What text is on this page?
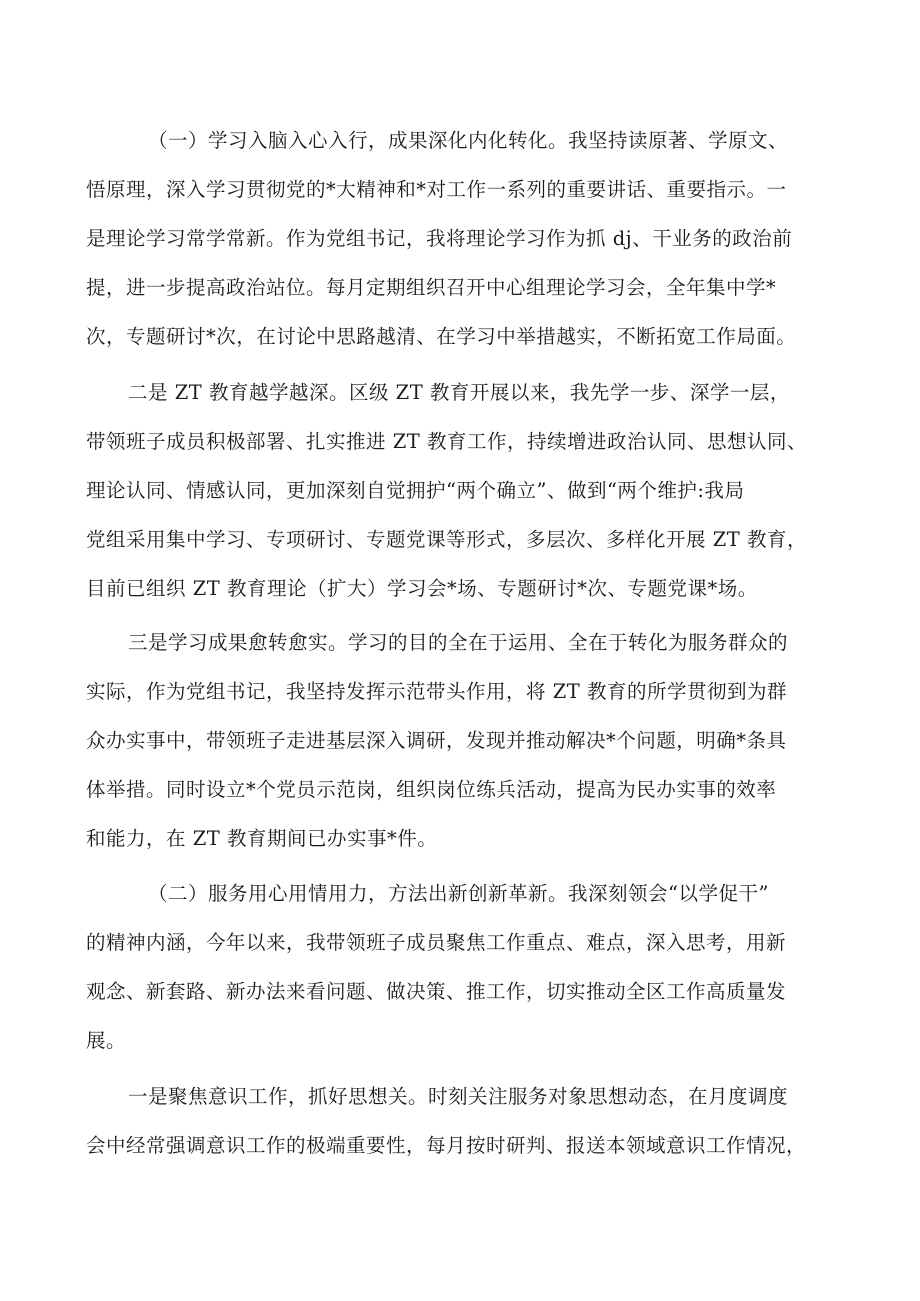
（一）学习入脑入心入行，成果深化内化转化。我坚持读原著、学原文、
悟原理，深入学习贯彻党的*大精神和*对工作一系列的重要讲话、重要指示。一
是理论学习常学常新。作为党组书记，我将理论学习作为抓 dj、干业务的政治前
提，进一步提高政治站位。每月定期组织召开中心组理论学习会，全年集中学*
次，专题研讨*次，在讨论中思路越清、在学习中举措越实，不断拓宽工作局面。
二是 ZT 教育越学越深。区级 ZT 教育开展以来，我先学一步、深学一层，
带领班子成员积极部署、扎实推进 ZT 教育工作，持续增进政治认同、思想认同、
理论认同、情感认同，更加深刻自觉拥护“两个确立”、做到“两个维护:我局
党组采用集中学习、专项研讨、专题党课等形式，多层次、多样化开展 ZT 教育，
目前已组织 ZT 教育理论（扩大）学习会*场、专题研讨*次、专题党课*场。
三是学习成果愈转愈实。学习的目的全在于运用、全在于转化为服务群众的
实际，作为党组书记，我坚持发挥示范带头作用，将 ZT 教育的所学贯彻到为群
众办实事中，带领班子走进基层深入调研，发现并推动解决*个问题，明确*条具
体举措。同时设立*个党员示范岗，组织岗位练兵活动，提高为民办实事的效率
和能力，在 ZT 教育期间已办实事*件。
（二）服务用心用情用力，方法出新创新革新。我深刻领会“以学促干”
的精神内涵，今年以来，我带领班子成员聚焦工作重点、难点，深入思考，用新
观念、新套路、新办法来看问题、做决策、推工作，切实推动全区工作高质量发
展。
一是聚焦意识工作，抓好思想关。时刻关注服务对象思想动态，在月度调度
会中经常强调意识工作的极端重要性，每月按时研判、报送本领域意识工作情况，
